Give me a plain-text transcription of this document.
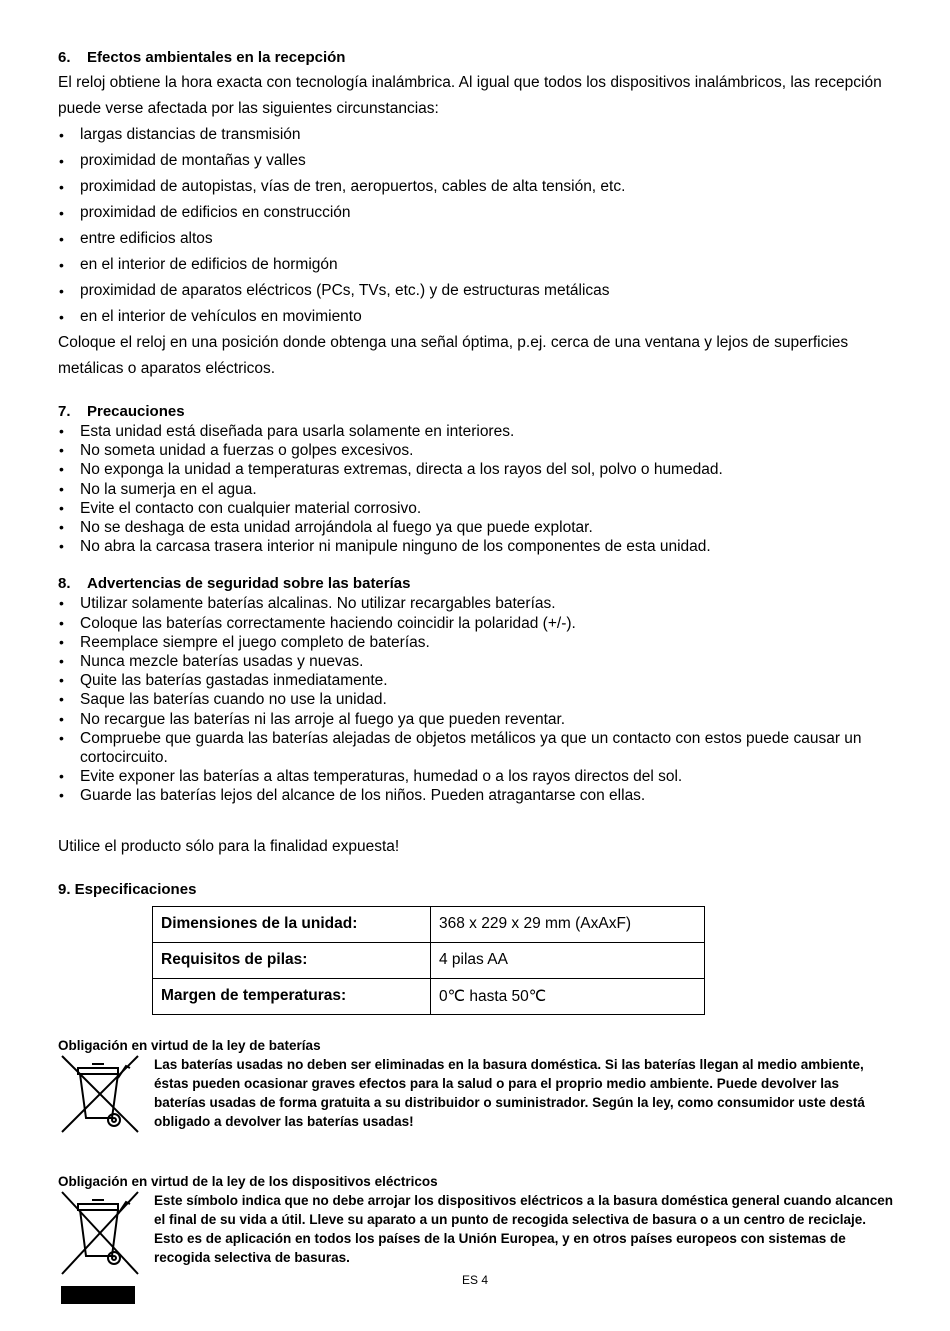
6. Efectos ambientales en la recepción

El reloj obtiene la hora exacta con tecnología inalámbrica. Al igual que todos los dispositivos inalámbricos, las recepción puede verse afectada por las siguientes circunstancias:

• largas distancias de transmisión
• proximidad de montañas y valles
• proximidad de autopistas, vías de tren, aeropuertos, cables de alta tensión, etc.
• proximidad de edificios en construcción
• entre edificios altos
• en el interior de edificios de hormigón
• proximidad de aparatos eléctricos (PCs, TVs, etc.) y de estructuras metálicas
• en el interior de vehículos en movimiento

Coloque el reloj en una posición donde obtenga una señal óptima, p.ej. cerca de una ventana y lejos de superficies metálicas o aparatos eléctricos.

7. Precauciones
• Esta unidad está diseñada para usarla solamente en interiores.
• No someta unidad a fuerzas o golpes excesivos.
• No exponga la unidad a temperaturas extremas, directa a los rayos del sol, polvo o humedad.
• No la sumerja en el agua.
• Evite el contacto con cualquier material corrosivo.
• No se deshaga de esta unidad arrojándola al fuego ya que puede explotar.
• No abra la carcasa trasera interior ni manipule ninguno de los componentes de esta unidad.
8. Advertencias de seguridad sobre las baterías
• Utilizar solamente baterías alcalinas. No utilizar recargables baterías.
• Coloque las baterías correctamente haciendo coincidir la polaridad (+/-).
• Reemplace siempre el juego completo de baterías.
• Nunca mezcle baterías usadas y nuevas.
• Quite las baterías gastadas inmediatamente.
• Saque las baterías cuando no use la unidad.
• No recargue las baterías ni las arroje al fuego ya que pueden reventar.
• Compruebe que guarda las baterías alejadas de objetos metálicos ya que un contacto con estos puede causar un cortocircuito.
• Evite exponer las baterías a altas temperaturas, humedad o a los rayos directos del sol.
• Guarde las baterías lejos del alcance de los niños. Pueden atragantarse con ellas.

Utilice el producto sólo para la finalidad expuesta!

9. Especificaciones
Dimensiones de la unidad:	368 x 229 x 29 mm (AxAxF)
Requisitos de pilas:	4 pilas AA
Margen de temperaturas:	0℃ hasta 50℃
Obligación en virtud de la ley de baterías

Las baterías usadas no deben ser eliminadas en la basura doméstica. Si las baterías llegan al medio ambiente, éstas pueden ocasionar graves efectos para la salud o para el proprio medio ambiente. Puede devolver las baterías usadas de forma gratuita a su distribuidor o suministrador. Según la ley, como consumidor uste destá obligado a devolver las baterías usadas!

Obligación en virtud de la ley de los dispositivos eléctricos

Este símbolo indica que no debe arrojar los dispositivos eléctricos a la basura doméstica general cuando alcancen el final de su vida a útil. Lleve su aparato a un punto de recogida selectiva de basura o a un centro de reciclaje. Esto es de aplicación en todos los países de la Unión Europea, y en otros países europeos con sistemas de recogida selectiva de basuras.

ES 4
